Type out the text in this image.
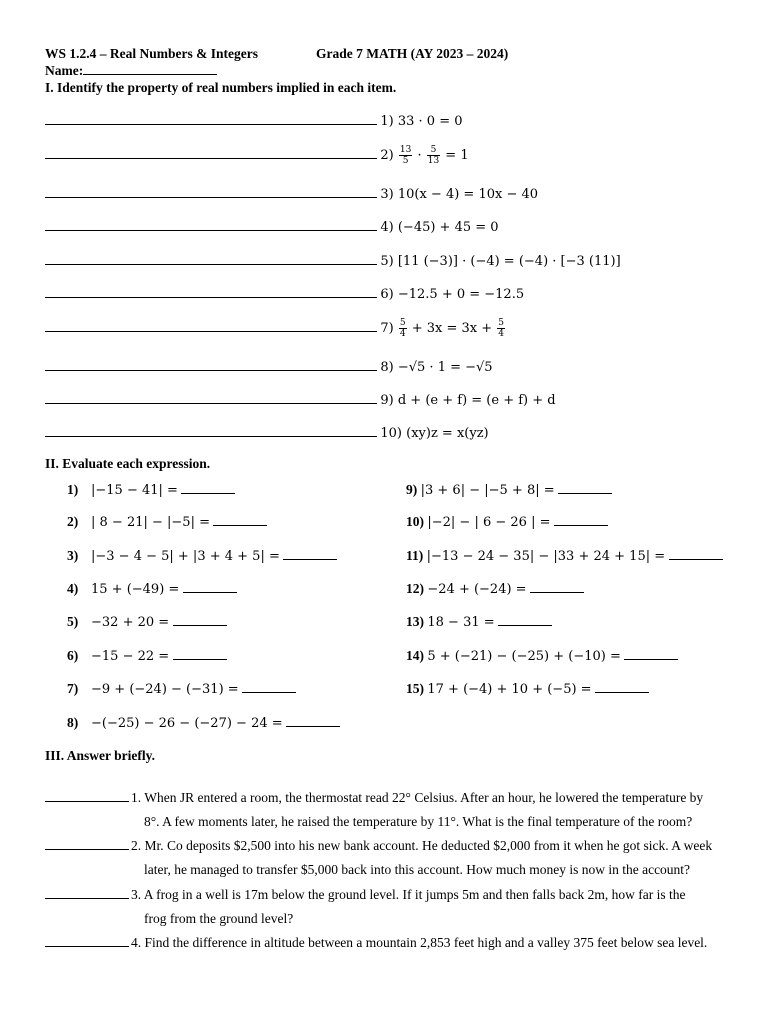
WS 1.2.4 – Real Numbers & Integers	Grade 7 MATH (AY 2023 – 2024)
Name:
I. Identify the property of real numbers implied in each item.
1) 33 · 0 = 0
$2) \frac{13}{5} \cdot \frac{5}{13} = 1$
3) 10(x − 4) = 10x − 40
4) (−45) + 45 = 0
5) [11 (−3)] · (−4) = (−4) · [−3 (11)]
6) −12.5 + 0 = −12.5
$7) \frac{5}{4} + 3x = 3x + \frac{5}{4}$
8) −√5 · 1 = −√5
9) d + (e + f) = (e + f) + d
10) (xy)z = x(yz)
II. Evaluate each expression.
1) |−15 − 41| =
2) | 8 − 21| − |−5| =
3) |−3 − 4 − 5| + |3 + 4 + 5| =
4) 15 + (−49) =
5) −32 + 20 =
6) −15 − 22 =
7) −9 + (−24) − (−31) =
8) −(−25) − 26 − (−27) − 24 =
9) |3 + 6| − |−5 + 8| =
10) |−2| − | 6 − 26 | =
11) |−13 − 24 − 35| − |33 + 24 + 15| =
12) −24 + (−24) =
13) 18 − 31 =
14) 5 + (−21) − (−25) + (−10) =
15) 17 + (−4) + 10 + (−5) =
III. Answer briefly.
1. When JR entered a room, the thermostat read 22° Celsius. After an hour, he lowered the temperature by
8°. A few moments later, he raised the temperature by 11°. What is the final temperature of the room?
2. Mr. Co deposits $2,500 into his new bank account. He deducted $2,000 from it when he got sick. A week
later, he managed to transfer $5,000 back into this account. How much money is now in the account?
3. A frog in a well is 17m below the ground level. If it jumps 5m and then falls back 2m, how far is the
frog from the ground level?
4. Find the difference in altitude between a mountain 2,853 feet high and a valley 375 feet below sea level.
